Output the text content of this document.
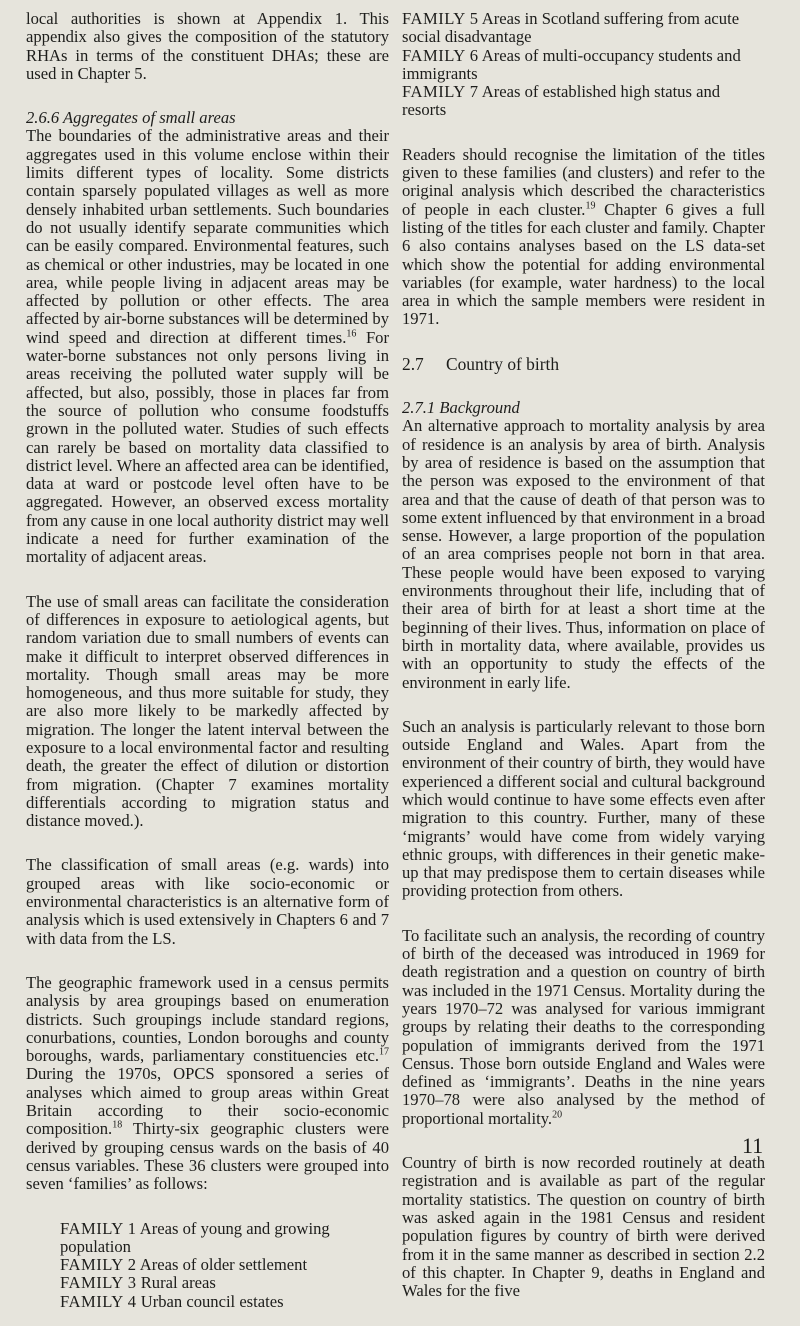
local authorities is shown at Appendix 1. This appendix also gives the composition of the statutory RHAs in terms of the constituent DHAs; these are used in Chapter 5.

2.6.6 Aggregates of small areas

The boundaries of the administrative areas and their aggregates used in this volume enclose within their limits different types of locality. Some districts contain sparsely populated villages as well as more densely inhabited urban settlements. Such boundaries do not usually identify separate communities which can be easily compared. Environmental features, such as chemical or other industries, may be located in one area, while people living in adjacent areas may be affected by pollution or other effects. The area affected by air-borne substances will be determined by wind speed and direction at different times.$^{16}$ For water-borne substances not only persons living in areas receiving the polluted water supply will be affected, but also, possibly, those in places far from the source of pollution who consume foodstuffs grown in the polluted water. Studies of such effects can rarely be based on mortality data classified to district level. Where an affected area can be identified, data at ward or postcode level often have to be aggregated. However, an observed excess mortality from any cause in one local authority district may well indicate a need for further examination of the mortality of adjacent areas.

The use of small areas can facilitate the consideration of differences in exposure to aetiological agents, but random variation due to small numbers of events can make it difficult to interpret observed differences in mortality. Though small areas may be more homogeneous, and thus more suitable for study, they are also more likely to be markedly affected by migration. The longer the latent interval between the exposure to a local environmental factor and resulting death, the greater the effect of dilution or distortion from migration. (Chapter 7 examines mortality differentials according to migration status and distance moved.).

The classification of small areas (e.g. wards) into grouped areas with like socio-economic or environmental characteristics is an alternative form of analysis which is used extensively in Chapters 6 and 7 with data from the LS.

The geographic framework used in a census permits analysis by area groupings based on enumeration districts. Such groupings include standard regions, conurbations, counties, London boroughs and county boroughs, wards, parliamentary constituencies etc.$^{17}$ During the 1970s, OPCS sponsored a series of analyses which aimed to group areas within Great Britain according to their socio-economic composition.$^{18}$ Thirty-six geographic clusters were derived by grouping census wards on the basis of 40 census variables. These 36 clusters were grouped into seven ‘families’ as follows:

FAMILY 1 Areas of young and growing population
FAMILY 2 Areas of older settlement
FAMILY 3 Rural areas
FAMILY 4 Urban council estates
FAMILY 5 Areas in Scotland suffering from acute social disadvantage
FAMILY 6 Areas of multi-occupancy students and immigrants
FAMILY 7 Areas of established high status and resorts

Readers should recognise the limitation of the titles given to these families (and clusters) and refer to the original analysis which described the characteristics of people in each cluster.$^{19}$ Chapter 6 gives a full listing of the titles for each cluster and family. Chapter 6 also contains analyses based on the LS data-set which show the potential for adding environmental variables (for example, water hardness) to the local area in which the sample members were resident in 1971.

2.7 Country of birth
2.7.1 Background

An alternative approach to mortality analysis by area of residence is an analysis by area of birth. Analysis by area of residence is based on the assumption that the person was exposed to the environment of that area and that the cause of death of that person was to some extent influenced by that environment in a broad sense. However, a large proportion of the population of an area comprises people not born in that area. These people would have been exposed to varying environments throughout their life, including that of their area of birth for at least a short time at the beginning of their lives. Thus, information on place of birth in mortality data, where available, provides us with an opportunity to study the effects of the environment in early life.

Such an analysis is particularly relevant to those born outside England and Wales. Apart from the environment of their country of birth, they would have experienced a different social and cultural background which would continue to have some effects even after migration to this country. Further, many of these ‘migrants’ would have come from widely varying ethnic groups, with differences in their genetic make-up that may predispose them to certain diseases while providing protection from others.

To facilitate such an analysis, the recording of country of birth of the deceased was introduced in 1969 for death registration and a question on country of birth was included in the 1971 Census. Mortality during the years 1970–72 was analysed for various immigrant groups by relating their deaths to the corresponding population of immigrants derived from the 1971 Census. Those born outside England and Wales were defined as ‘immigrants’. Deaths in the nine years 1970–78 were also analysed by the method of proportional mortality.$^{20}$

Country of birth is now recorded routinely at death registration and is available as part of the regular mortality statistics. The question on country of birth was asked again in the 1981 Census and resident population figures by country of birth were derived from it in the same manner as described in section 2.2 of this chapter. In Chapter 9, deaths in England and Wales for the five

11
